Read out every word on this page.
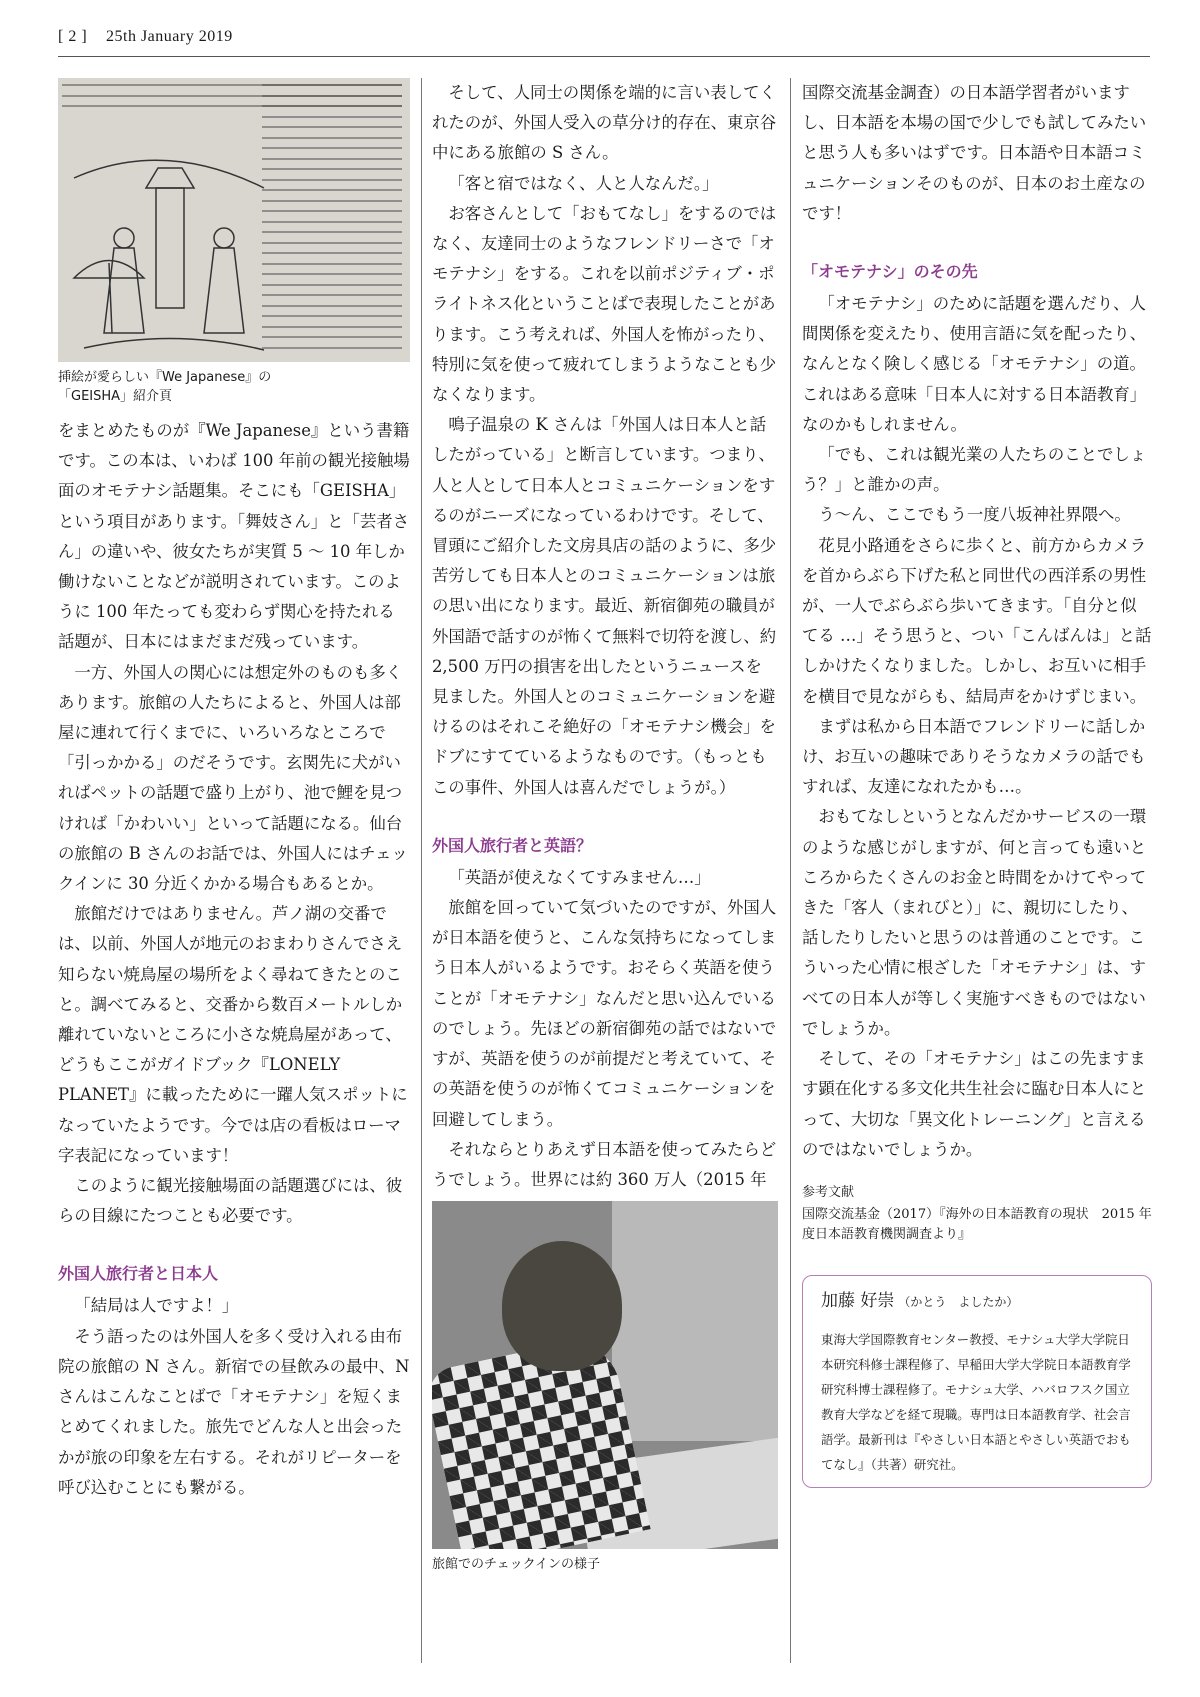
[ 2 ] 25th January 2019
挿絵が愛らしい『We Japanese』の
「GEISHA」紹介頁

をまとめたものが『We Japanese』という書籍です。この本は、いわば 100 年前の観光接触場面のオモテナシ話題集。そこにも「GEISHA」という項目があります。「舞妓さん」と「芸者さん」の違いや、彼女たちが実質 5 ～ 10 年しか働けないことなどが説明されています。このように 100 年たっても変わらず関心を持たれる話題が、日本にはまだまだ残っています。

一方、外国人の関心には想定外のものも多くあります。旅館の人たちによると、外国人は部屋に連れて行くまでに、いろいろなところで「引っかかる」のだそうです。玄関先に犬がいればペットの話題で盛り上がり、池で鯉を見つければ「かわいい」といって話題になる。仙台の旅館の B さんのお話では、外国人にはチェックインに 30 分近くかかる場合もあるとか。

旅館だけではありません。芦ノ湖の交番では、以前、外国人が地元のおまわりさんでさえ知らない焼鳥屋の場所をよく尋ねてきたとのこと。調べてみると、交番から数百メートルしか離れていないところに小さな焼鳥屋があって、どうもここがガイドブック『LONELY PLANET』に載ったために一躍人気スポットになっていたようです。今では店の看板はローマ字表記になっています！

このように観光接触場面の話題選びには、彼らの目線にたつことも必要です。

外国人旅行者と日本人

「結局は人ですよ！」

そう語ったのは外国人を多く受け入れる由布院の旅館の N さん。新宿での昼飲みの最中、N さんはこんなことばで「オモテナシ」を短くまとめてくれました。旅先でどんな人と出会ったかが旅の印象を左右する。それがリピーターを呼び込むことにも繋がる。

そして、人同士の関係を端的に言い表してくれたのが、外国人受入の草分け的存在、東京谷中にある旅館の S さん。

「客と宿ではなく、人と人なんだ。」

お客さんとして「おもてなし」をするのではなく、友達同士のようなフレンドリーさで「オモテナシ」をする。これを以前ポジティブ・ポライトネス化ということばで表現したことがあります。こう考えれば、外国人を怖がったり、特別に気を使って疲れてしまうようなことも少なくなります。

鳴子温泉の K さんは「外国人は日本人と話したがっている」と断言しています。つまり、人と人として日本人とコミュニケーションをするのがニーズになっているわけです。そして、冒頭にご紹介した文房具店の話のように、多少苦労しても日本人とのコミュニケーションは旅の思い出になります。最近、新宿御苑の職員が外国語で話すのが怖くて無料で切符を渡し、約 2,500 万円の損害を出したというニュースを見ました。外国人とのコミュニケーションを避けるのはそれこそ絶好の「オモテナシ機会」をドブにすてているようなものです。（もっともこの事件、外国人は喜んだでしょうが。）

外国人旅行者と英語？

「英語が使えなくてすみません…」

旅館を回っていて気づいたのですが、外国人が日本語を使うと、こんな気持ちになってしまう日本人がいるようです。おそらく英語を使うことが「オモテナシ」なんだと思い込んでいるのでしょう。先ほどの新宿御苑の話ではないですが、英語を使うのが前提だと考えていて、その英語を使うのが怖くてコミュニケーションを回避してしまう。

それならとりあえず日本語を使ってみたらどうでしょう。世界には約 360 万人（2015 年

旅館でのチェックインの様子

国際交流基金調査）の日本語学習者がいますし、日本語を本場の国で少しでも試してみたいと思う人も多いはずです。日本語や日本語コミュニケーションそのものが、日本のお土産なのです！

「オモテナシ」のその先

「オモテナシ」のために話題を選んだり、人間関係を変えたり、使用言語に気を配ったり、なんとなく険しく感じる「オモテナシ」の道。これはある意味「日本人に対する日本語教育」なのかもしれません。

「でも、これは観光業の人たちのことでしょう？」と誰かの声。

う～ん、ここでもう一度八坂神社界隈へ。

花見小路通をさらに歩くと、前方からカメラを首からぶら下げた私と同世代の西洋系の男性が、一人でぶらぶら歩いてきます。「自分と似てる …」そう思うと、つい「こんばんは」と話しかけたくなりました。しかし、お互いに相手を横目で見ながらも、結局声をかけずじまい。

まずは私から日本語でフレンドリーに話しかけ、お互いの趣味でありそうなカメラの話でもすれば、友達になれたかも…。

おもてなしというとなんだかサービスの一環のような感じがしますが、何と言っても遠いところからたくさんのお金と時間をかけてやってきた「客人（まれびと）」に、親切にしたり、話したりしたいと思うのは普通のことです。こういった心情に根ざした「オモテナシ」は、すべての日本人が等しく実施すべきものではないでしょうか。

そして、その「オモテナシ」はこの先ますます顕在化する多文化共生社会に臨む日本人にとって、大切な「異文化トレーニング」と言えるのではないでしょうか。

参考文献
国際交流基金（2017）『海外の日本語教育の現状　2015 年度日本語教育機関調査より』
加藤 好崇 （かとう　よしたか）
東海大学国際教育センター教授、モナシュ大学大学院日本研究科修士課程修了、早稲田大学大学院日本語教育学研究科博士課程修了。モナシュ大学、ハバロフスク国立教育大学などを経て現職。専門は日本語教育学、社会言語学。最新刊は『やさしい日本語とやさしい英語でおもてなし』（共著）研究社。
